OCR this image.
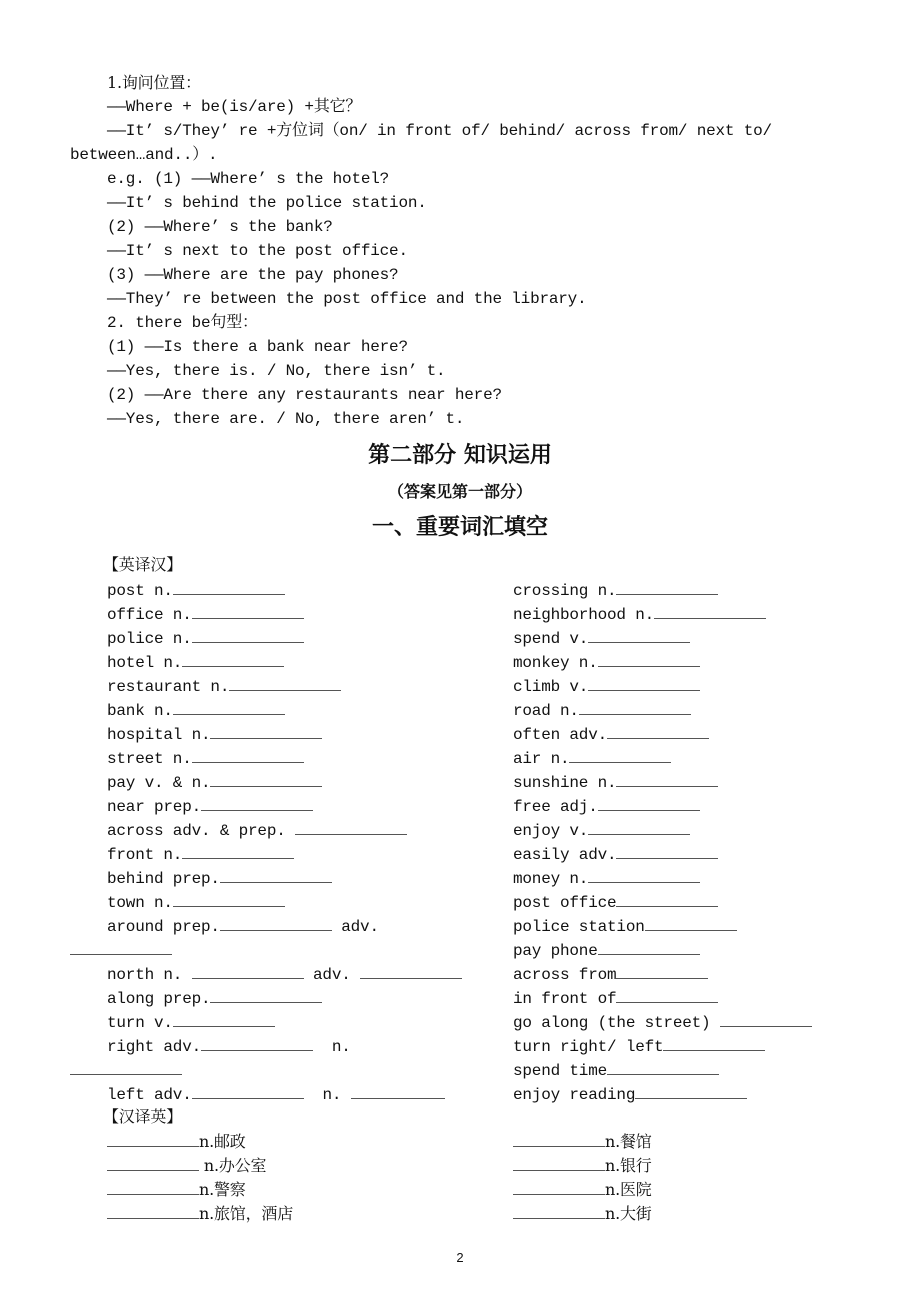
1.询问位置：
——Where + be(is/are) +其它？
——It’ s/They’ re +方位词（on/ in front of/ behind/ across from/ next to/
between…and..）.
e.g. (1) ——Where’ s the hotel?
——It’ s behind the police station.
(2) ——Where’ s the bank?
——It’ s next to the post office.
(3) ——Where are the pay phones?
——They’ re between the post office and the library.
2. there be句型：
(1) ——Is there a bank near here?
——Yes, there is. / No, there isn’ t.
(2) ——Are there any restaurants near here?
——Yes, there are. / No, there aren’ t.
第二部分 知识运用
（答案见第一部分）
一、重要词汇填空
【英译汉】
post n.
office n.
police n.
hotel n.
restaurant n.
bank n.
hospital n.
street n.
pay v. & n.
near prep.
across adv. & prep.
front n.
behind prep.
town n.
around prep.	adv.
north n.	adv.
along prep.
turn v.
right adv.	n.
left adv.	n.
crossing n.
neighborhood n.
spend v.
monkey n.
climb v.
road n.
often adv.
air n.
sunshine n.
free adj.
enjoy v.
easily adv.
money n.
post office
police station
pay phone
across from
in front of
go along (the street)
turn right/ left
spend time
enjoy reading
【汉译英】
n.邮政
n.办公室
n.警察
n.旅馆，酒店
n.餐馆
n.银行
n.医院
n.大街
2
